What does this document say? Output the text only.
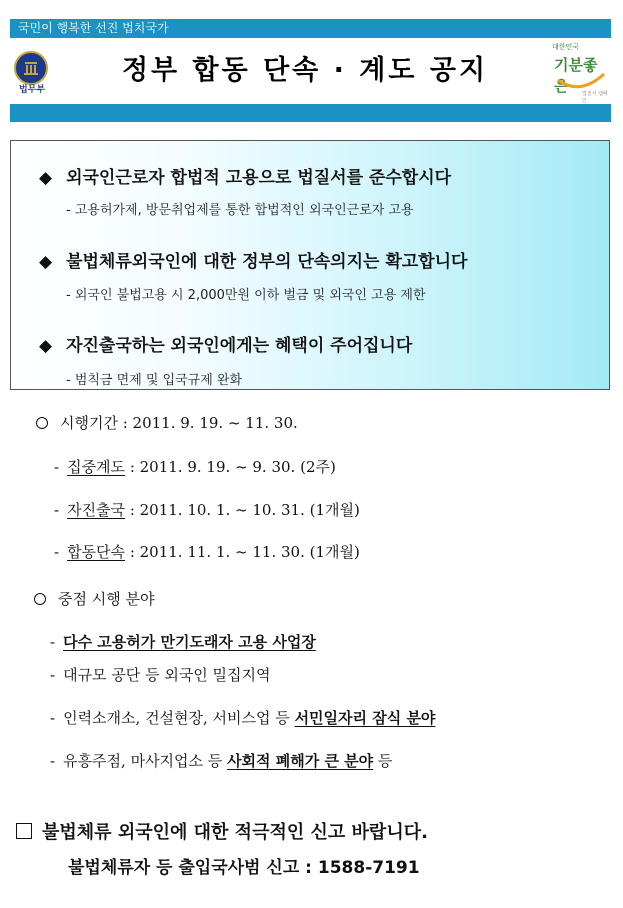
국민이 행복한 선진 법치국가
법무부
정부 합동 단속 · 계도 공지
대한민국
기분좋은	법질서 캠페인
◆ 외국인근로자 합법적 고용으로 법질서를 준수합시다
- 고용허가제, 방문취업제를 통한 합법적인 외국인근로자 고용
◆ 불법체류외국인에 대한 정부의 단속의지는 확고합니다
- 외국인 불법고용 시 2,000만원 이하 벌금 및 외국인 고용 제한
◆ 자진출국하는 외국인에게는 혜택이 주어집니다
- 범칙금 면제 및 입국규제 완화
시행기간 : 2011. 9. 19. ~ 11. 30.
- 집중계도 : 2011. 9. 19. ~ 9. 30. (2주)
- 자진출국 : 2011. 10. 1. ~ 10. 31. (1개월)
- 합동단속 : 2011. 11. 1. ~ 11. 30. (1개월)
중점 시행 분야
- 다수 고용허가 만기도래자 고용 사업장
- 대규모 공단 등 외국인 밀집지역
- 인력소개소, 건설현장, 서비스업 등 서민일자리 잠식 분야
- 유흥주점, 마사지업소 등 사회적 폐해가 큰 분야 등
불법체류 외국인에 대한 적극적인 신고 바랍니다.
불법체류자 등 출입국사범 신고 : 1588-7191
